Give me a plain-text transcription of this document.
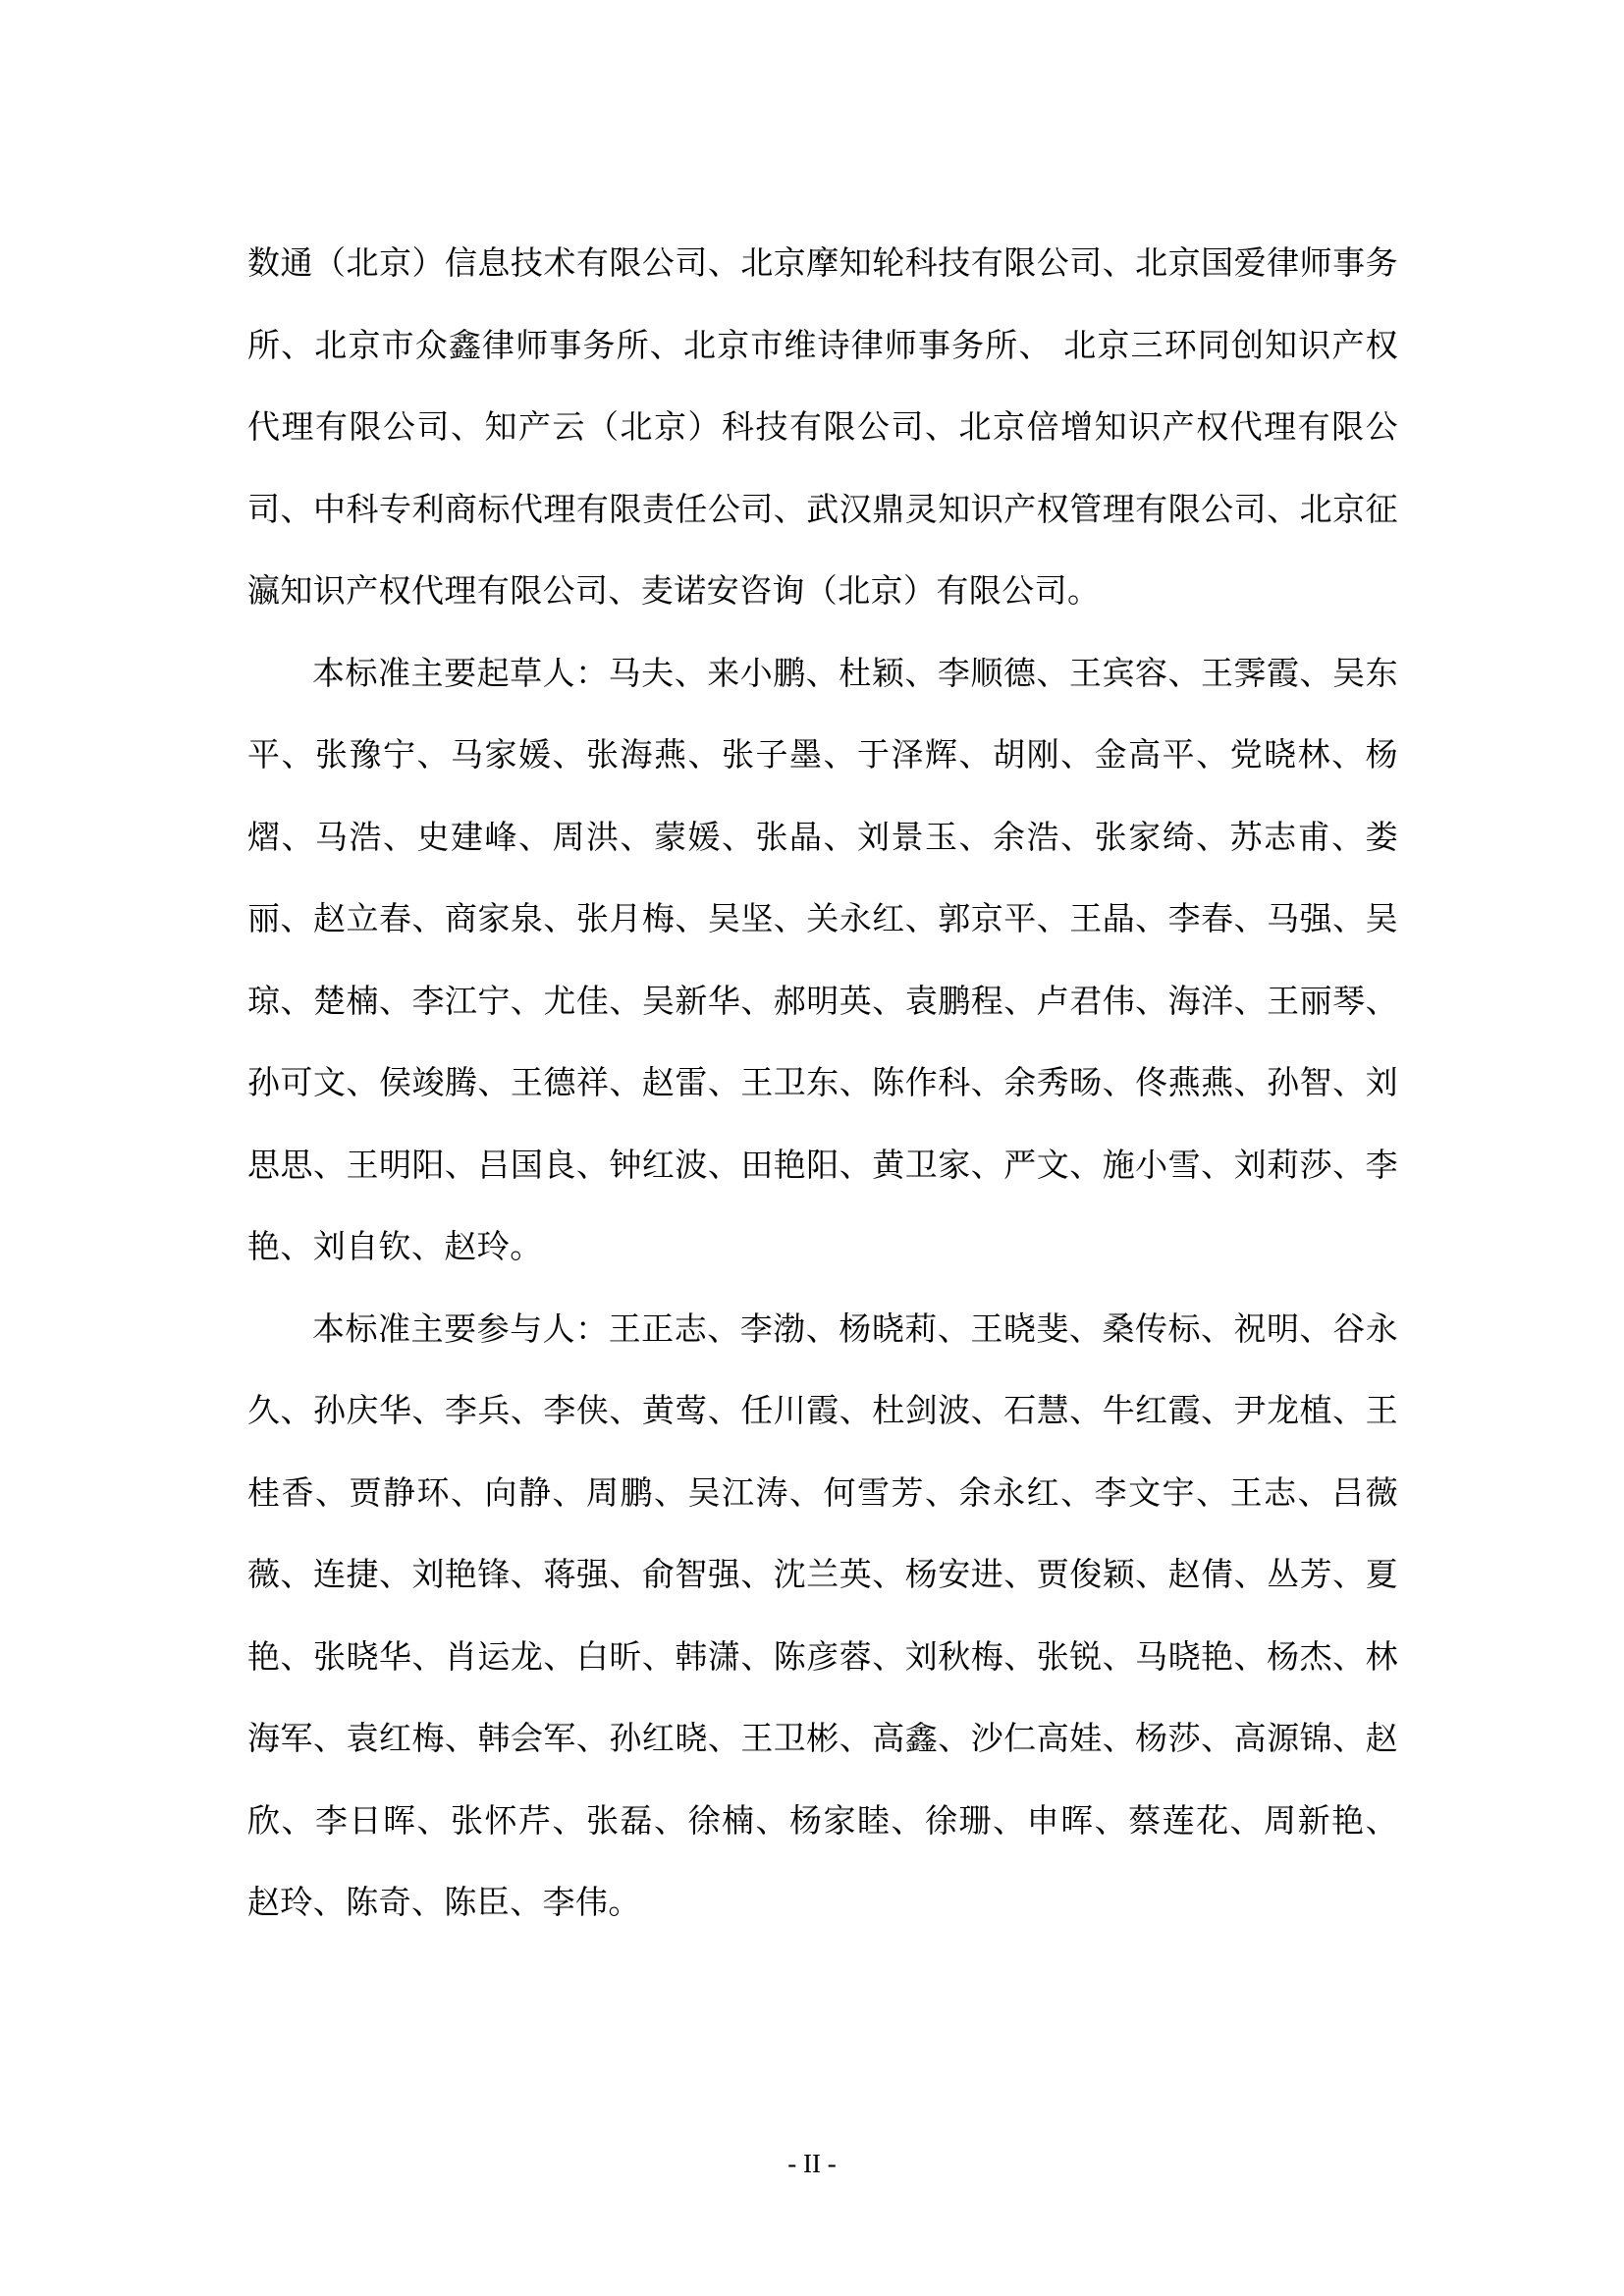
数通（北京）信息技术有限公司、北京摩知轮科技有限公司、北京国爱律师事务所、北京市众鑫律师事务所、北京市维诗律师事务所、 北京三环同创知识产权代理有限公司、知产云（北京）科技有限公司、北京倍增知识产权代理有限公司、中科专利商标代理有限责任公司、武汉鼎灵知识产权管理有限公司、北京征瀛知识产权代理有限公司、麦诺安咨询（北京）有限公司。

本标准主要起草人：马夫、来小鹏、杜颖、李顺德、王宾容、王霁霞、吴东平、张豫宁、马家媛、张海燕、张子墨、于泽辉、胡刚、金高平、党晓林、杨熠、马浩、史建峰、周洪、蒙媛、张晶、刘景玉、余浩、张家绮、苏志甫、娄丽、赵立春、商家泉、张月梅、吴坚、关永红、郭京平、王晶、李春、马强、吴琼、楚楠、李江宁、尤佳、吴新华、郝明英、袁鹏程、卢君伟、海洋、王丽琴、孙可文、侯竣腾、王德祥、赵雷、王卫东、陈作科、余秀旸、佟燕燕、孙智、刘思思、王明阳、吕国良、钟红波、田艳阳、黄卫家、严文、施小雪、刘莉莎、李艳、刘自钦、赵玲。

本标准主要参与人：王正志、李渤、杨晓莉、王晓斐、桑传标、祝明、谷永久、孙庆华、李兵、李侠、黄莺、任川霞、杜剑波、石慧、牛红霞、尹龙植、王桂香、贾静环、向静、周鹏、吴江涛、何雪芳、余永红、李文宇、王志、吕薇薇、连捷、刘艳锋、蒋强、俞智强、沈兰英、杨安进、贾俊颖、赵倩、丛芳、夏艳、张晓华、肖运龙、白昕、韩潇、陈彦蓉、刘秋梅、张锐、马晓艳、杨杰、林海军、袁红梅、韩会军、孙红晓、王卫彬、高鑫、沙仁高娃、杨莎、高源锦、赵欣、李日晖、张怀芹、张磊、徐楠、杨家睦、徐珊、申晖、蔡莲花、周新艳、 赵玲、陈奇、陈臣、李伟。

- II -
